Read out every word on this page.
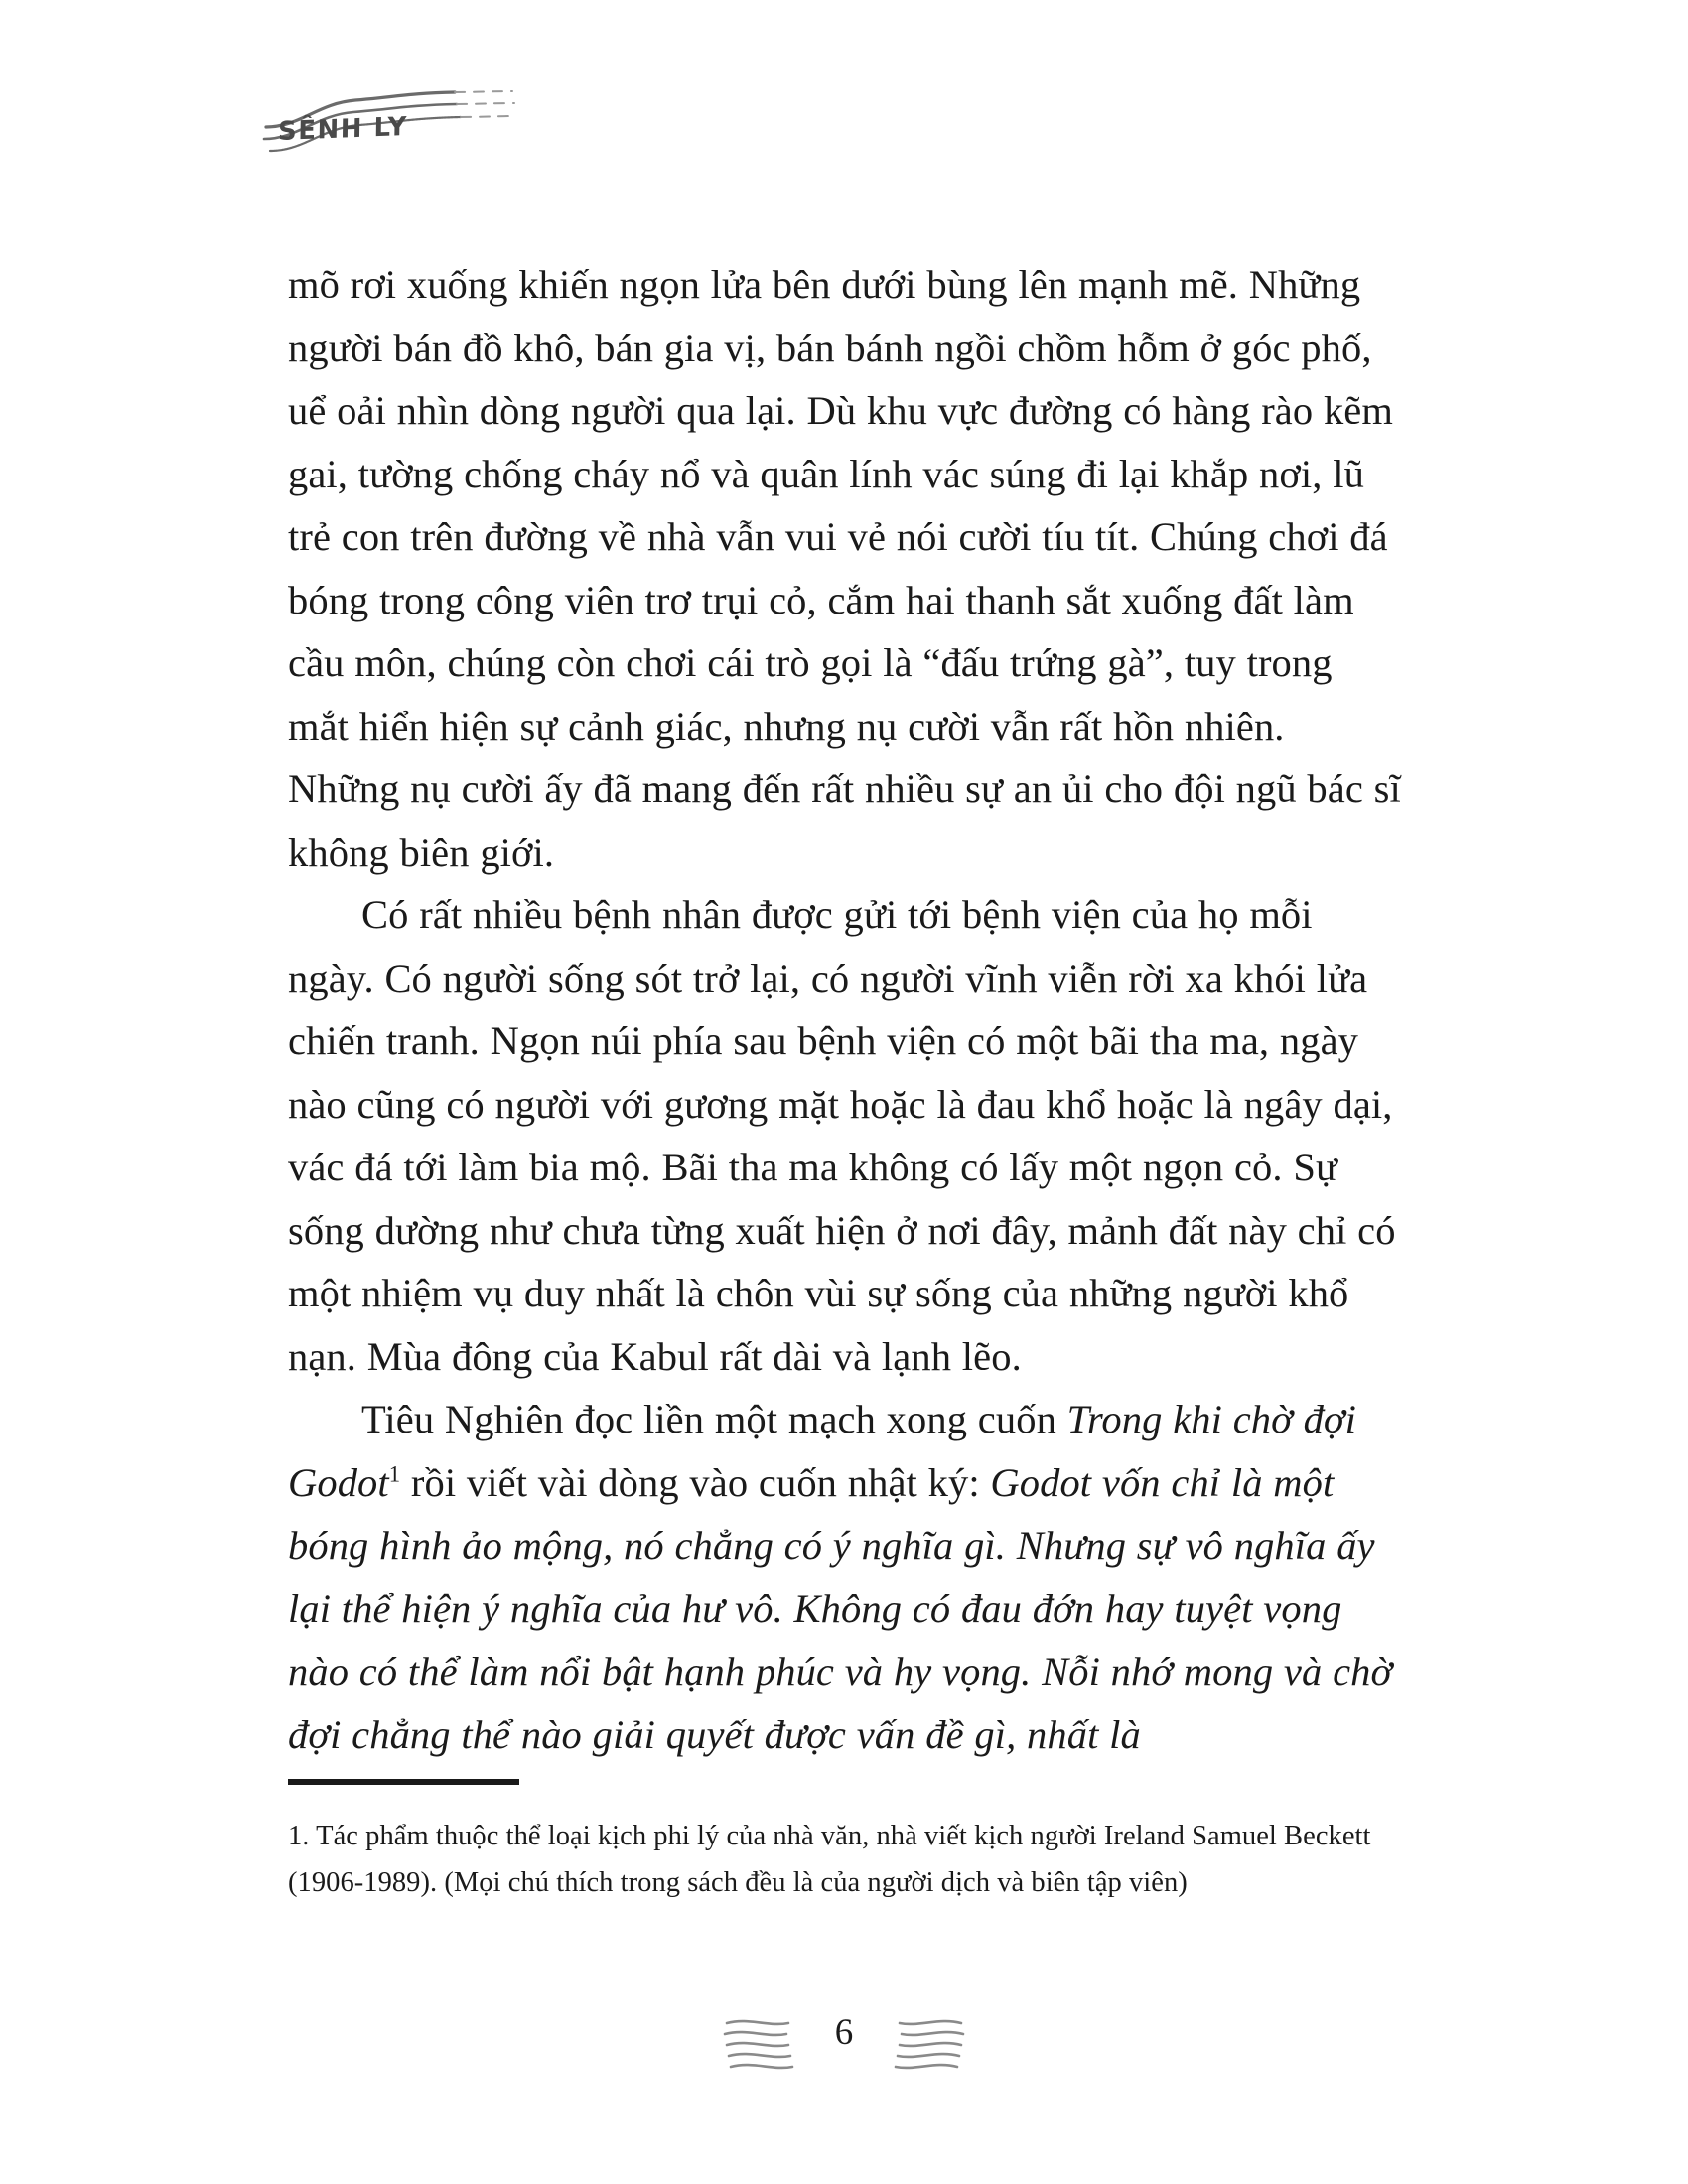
SÊNH LY

mõ rơi xuống khiến ngọn lửa bên dưới bùng lên mạnh mẽ. Những người bán đồ khô, bán gia vị, bán bánh ngồi chồm hỗm ở góc phố, uể oải nhìn dòng người qua lại. Dù khu vực đường có hàng rào kẽm gai, tường chống cháy nổ và quân lính vác súng đi lại khắp nơi, lũ trẻ con trên đường về nhà vẫn vui vẻ nói cười tíu tít. Chúng chơi đá bóng trong công viên trơ trụi cỏ, cắm hai thanh sắt xuống đất làm cầu môn, chúng còn chơi cái trò gọi là “đấu trứng gà”, tuy trong mắt hiển hiện sự cảnh giác, nhưng nụ cười vẫn rất hồn nhiên. Những nụ cười ấy đã mang đến rất nhiều sự an ủi cho đội ngũ bác sĩ không biên giới.

Có rất nhiều bệnh nhân được gửi tới bệnh viện của họ mỗi ngày. Có người sống sót trở lại, có người vĩnh viễn rời xa khói lửa chiến tranh. Ngọn núi phía sau bệnh viện có một bãi tha ma, ngày nào cũng có người với gương mặt hoặc là đau khổ hoặc là ngây dại, vác đá tới làm bia mộ. Bãi tha ma không có lấy một ngọn cỏ. Sự sống dường như chưa từng xuất hiện ở nơi đây, mảnh đất này chỉ có một nhiệm vụ duy nhất là chôn vùi sự sống của những người khổ nạn. Mùa đông của Kabul rất dài và lạnh lẽo.

Tiêu Nghiên đọc liền một mạch xong cuốn Trong khi chờ đợi Godot$^1$ rồi viết vài dòng vào cuốn nhật ký: Godot vốn chỉ là một bóng hình ảo mộng, nó chẳng có ý nghĩa gì. Nhưng sự vô nghĩa ấy lại thể hiện ý nghĩa của hư vô. Không có đau đớn hay tuyệt vọng nào có thể làm nổi bật hạnh phúc và hy vọng. Nỗi nhớ mong và chờ đợi chẳng thể nào giải quyết được vấn đề gì, nhất là

1. Tác phẩm thuộc thể loại kịch phi lý của nhà văn, nhà viết kịch người Ireland Samuel Beckett (1906-1989). (Mọi chú thích trong sách đều là của người dịch và biên tập viên)

6
